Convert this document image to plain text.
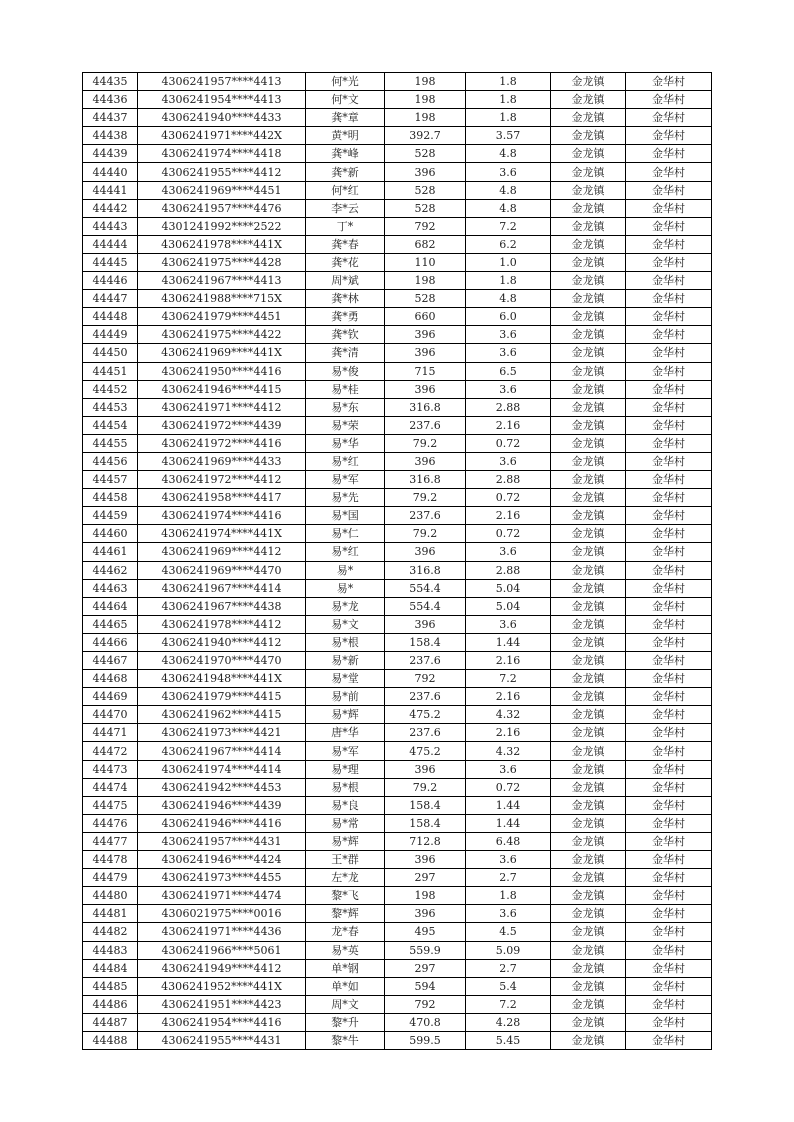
44435	4306241957****4413	何*光	198	1.8	金龙镇	金华村
44436	4306241954****4413	何*文	198	1.8	金龙镇	金华村
44437	4306241940****4433	龚*章	198	1.8	金龙镇	金华村
44438	4306241971****442X	黄*明	392.7	3.57	金龙镇	金华村
44439	4306241974****4418	龚*峰	528	4.8	金龙镇	金华村
44440	4306241955****4412	龚*新	396	3.6	金龙镇	金华村
44441	4306241969****4451	何*红	528	4.8	金龙镇	金华村
44442	4306241957****4476	李*云	528	4.8	金龙镇	金华村
44443	4301241992****2522	丁*	792	7.2	金龙镇	金华村
44444	4306241978****441X	龚*春	682	6.2	金龙镇	金华村
44445	4306241975****4428	龚*花	110	1.0	金龙镇	金华村
44446	4306241967****4413	周*斌	198	1.8	金龙镇	金华村
44447	4306241988****715X	龚*林	528	4.8	金龙镇	金华村
44448	4306241979****4451	龚*勇	660	6.0	金龙镇	金华村
44449	4306241975****4422	龚*钦	396	3.6	金龙镇	金华村
44450	4306241969****441X	龚*清	396	3.6	金龙镇	金华村
44451	4306241950****4416	易*俊	715	6.5	金龙镇	金华村
44452	4306241946****4415	易*桂	396	3.6	金龙镇	金华村
44453	4306241971****4412	易*东	316.8	2.88	金龙镇	金华村
44454	4306241972****4439	易*荣	237.6	2.16	金龙镇	金华村
44455	4306241972****4416	易*华	79.2	0.72	金龙镇	金华村
44456	4306241969****4433	易*红	396	3.6	金龙镇	金华村
44457	4306241972****4412	易*军	316.8	2.88	金龙镇	金华村
44458	4306241958****4417	易*先	79.2	0.72	金龙镇	金华村
44459	4306241974****4416	易*国	237.6	2.16	金龙镇	金华村
44460	4306241974****441X	易*仁	79.2	0.72	金龙镇	金华村
44461	4306241969****4412	易*红	396	3.6	金龙镇	金华村
44462	4306241969****4470	易*	316.8	2.88	金龙镇	金华村
44463	4306241967****4414	易*	554.4	5.04	金龙镇	金华村
44464	4306241967****4438	易*龙	554.4	5.04	金龙镇	金华村
44465	4306241978****4412	易*文	396	3.6	金龙镇	金华村
44466	4306241940****4412	易*根	158.4	1.44	金龙镇	金华村
44467	4306241970****4470	易*新	237.6	2.16	金龙镇	金华村
44468	4306241948****441X	易*堂	792	7.2	金龙镇	金华村
44469	4306241979****4415	易*前	237.6	2.16	金龙镇	金华村
44470	4306241962****4415	易*辉	475.2	4.32	金龙镇	金华村
44471	4306241973****4421	唐*华	237.6	2.16	金龙镇	金华村
44472	4306241967****4414	易*军	475.2	4.32	金龙镇	金华村
44473	4306241974****4414	易*理	396	3.6	金龙镇	金华村
44474	4306241942****4453	易*根	79.2	0.72	金龙镇	金华村
44475	4306241946****4439	易*良	158.4	1.44	金龙镇	金华村
44476	4306241946****4416	易*常	158.4	1.44	金龙镇	金华村
44477	4306241957****4431	易*辉	712.8	6.48	金龙镇	金华村
44478	4306241946****4424	王*群	396	3.6	金龙镇	金华村
44479	4306241973****4455	左*龙	297	2.7	金龙镇	金华村
44480	4306241971****4474	黎*飞	198	1.8	金龙镇	金华村
44481	4306021975****0016	黎*辉	396	3.6	金龙镇	金华村
44482	4306241971****4436	龙*春	495	4.5	金龙镇	金华村
44483	4306241966****5061	易*英	559.9	5.09	金龙镇	金华村
44484	4306241949****4412	单*钢	297	2.7	金龙镇	金华村
44485	4306241952****441X	单*如	594	5.4	金龙镇	金华村
44486	4306241951****4423	周*文	792	7.2	金龙镇	金华村
44487	4306241954****4416	黎*升	470.8	4.28	金龙镇	金华村
44488	4306241955****4431	黎*牛	599.5	5.45	金龙镇	金华村
